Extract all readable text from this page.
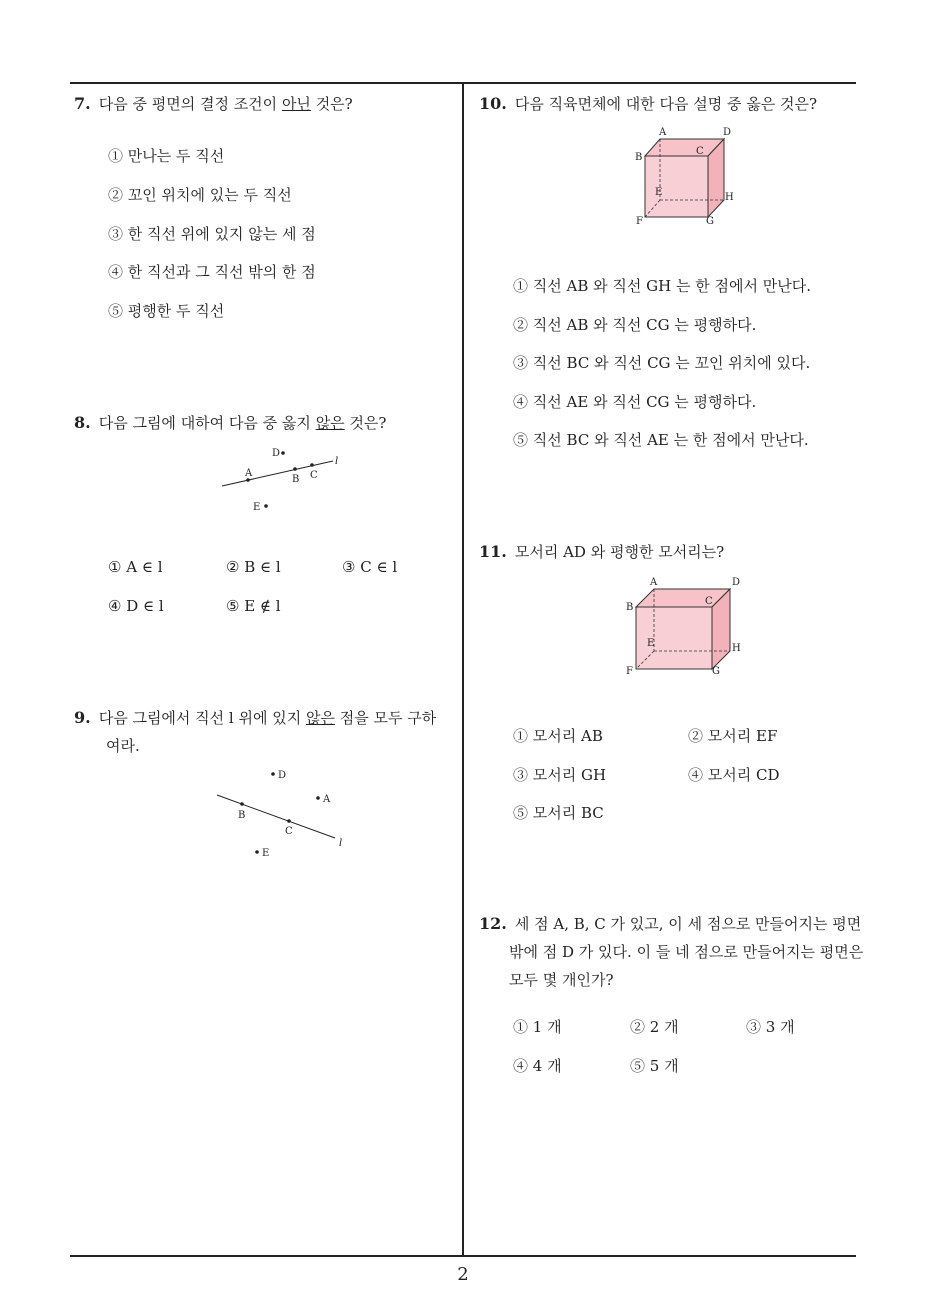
7. 다음 중 평면의 결정 조건이 아닌 것은?
① 만나는 두 직선
② 꼬인 위치에 있는 두 직선
③ 한 직선 위에 있지 않는 세 점
④ 한 직선과 그 직선 밖의 한 점
⑤ 평행한 두 직선
8. 다음 그림에 대하여 다음 중 옳지 않은 것은?
A
B C
D
E
l
① A ∈ l	② B ∈ l	③ C ∈ l
④ D ∈ l	⑤ E ∉ l
9. 다음 그림에서 직선 l 위에 있지 않은 점을 모두 구하
여라.
B
C
D
A
E
l
10. 다음 직육면체에 대한 다음 설명 중 옳은 것은?
A	D
B
C
E	H
F	G
① 직선 AB 와 직선 GH 는 한 점에서 만난다.
② 직선 AB 와 직선 CG 는 평행하다.
③ 직선 BC 와 직선 CG 는 꼬인 위치에 있다.
④ 직선 AE 와 직선 CG 는 평행하다.
⑤ 직선 BC 와 직선 AE 는 한 점에서 만난다.
11. 모서리 AD 와 평행한 모서리는?
A	D
B
C
E	H
F	G
① 모서리 AB	② 모서리 EF
③ 모서리 GH	④ 모서리 CD
⑤ 모서리 BC
12. 세 점 A, B, C 가 있고, 이 세 점으로 만들어지는 평면
밖에 점 D 가 있다. 이 들 네 점으로 만들어지는 평면은
모두 몇 개인가?
① 1 개	② 2 개	③ 3 개
④ 4 개	⑤ 5 개
2
